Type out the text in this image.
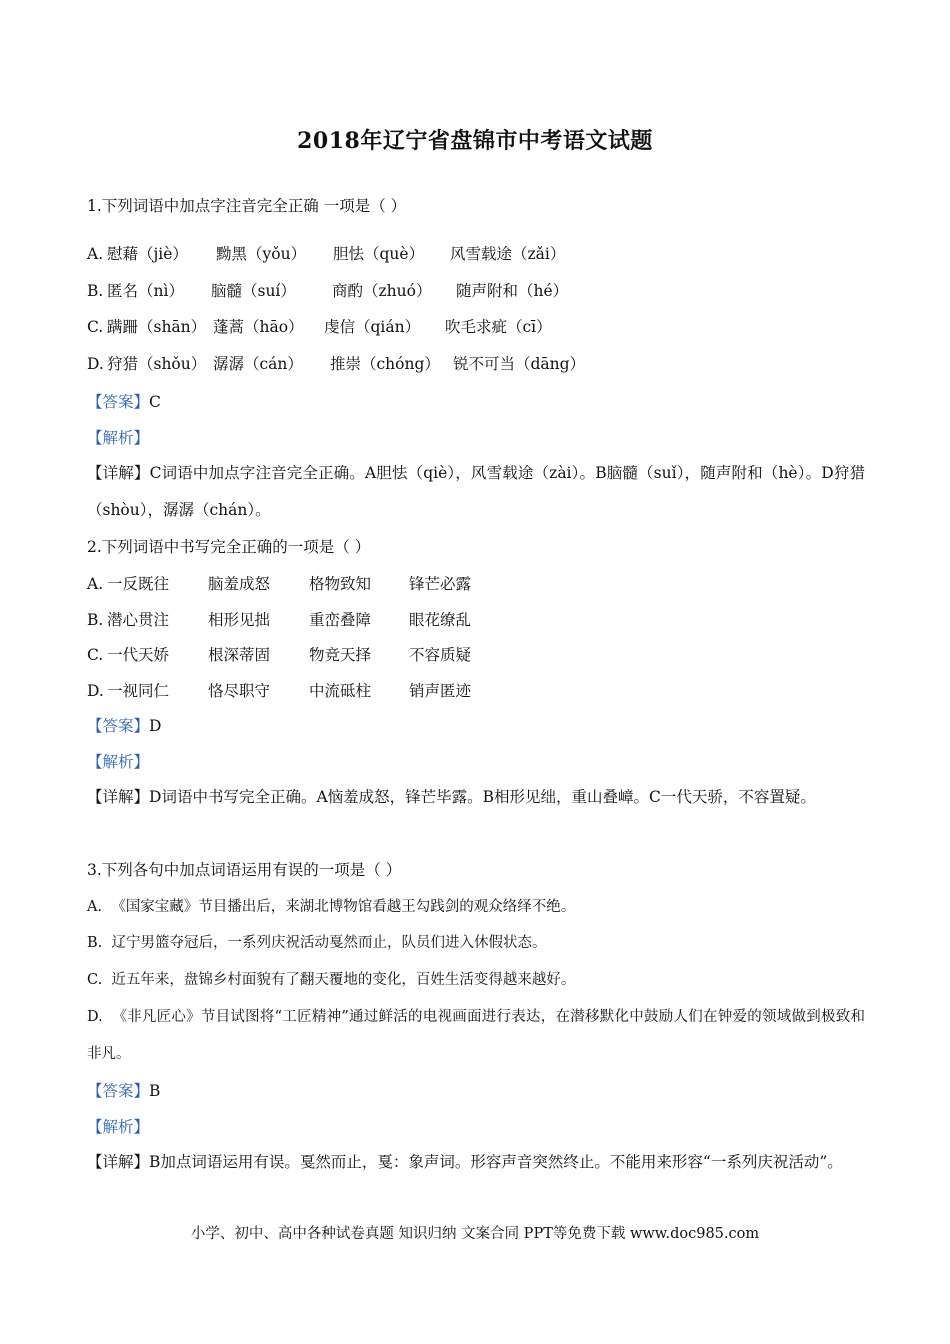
2018年辽宁省盘锦市中考语文试题
1.下列词语中加点字注音完全正确 一项是（ ）
A. 慰藉（jiè） 黝黑（yǒu） 胆怯（què） 风雪载途（zǎi）
B. 匿名（nì） 脑髓（suí） 商酌（zhuó） 随声附和（hé）
C. 蹒跚（shān） 蓬蒿（hāo） 虔信（qián） 吹毛求疵（cī）
D. 狩猎（shǒu） 潺潺（cán） 推崇（chóng） 锐不可当（dāng）
【答案】C
【解析】
【详解】C词语中加点字注音完全正确。A胆怯（qiè），风雪载途（zài）。B脑髓（suǐ），随声附和（hè）。D狩猎（shòu），潺潺（chán）。
2.下列词语中书写完全正确的一项是（ ）
A. 一反既往	脑羞成怒	格物致知 锋芒必露
B. 潜心贯注	相形见拙	重峦叠障 眼花缭乱
C. 一代天娇	根深蒂固	物竞天择 不容质疑
D. 一视同仁	恪尽职守	中流砥柱 销声匿迹
【答案】D
【解析】
【详解】D词语中书写完全正确。A恼羞成怒，锋芒毕露。B相形见绌，重山叠嶂。C一代天骄，不容置疑。
3.下列各句中加点词语运用有误的一项是（ ）
A. 《国家宝藏》节目播出后，来湖北博物馆看越王勾践剑的观众络绎不绝。
B. 辽宁男篮夺冠后，一系列庆祝活动戛然而止，队员们进入休假状态。
C. 近五年来，盘锦乡村面貌有了翻天覆地的变化，百姓生活变得越来越好。
D. 《非凡匠心》节目试图将“工匠精神”通过鲜活的电视画面进行表达，在潜移默化中鼓励人们在钟爱的领域做到极致和非凡。
【答案】B
【解析】
【详解】B加点词语运用有误。戛然而止，戛：象声词。形容声音突然终止。不能用来形容“一系列庆祝活动”。
小学、初中、高中各种试卷真题 知识归纳 文案合同 PPT等免费下载 www.doc985.com
